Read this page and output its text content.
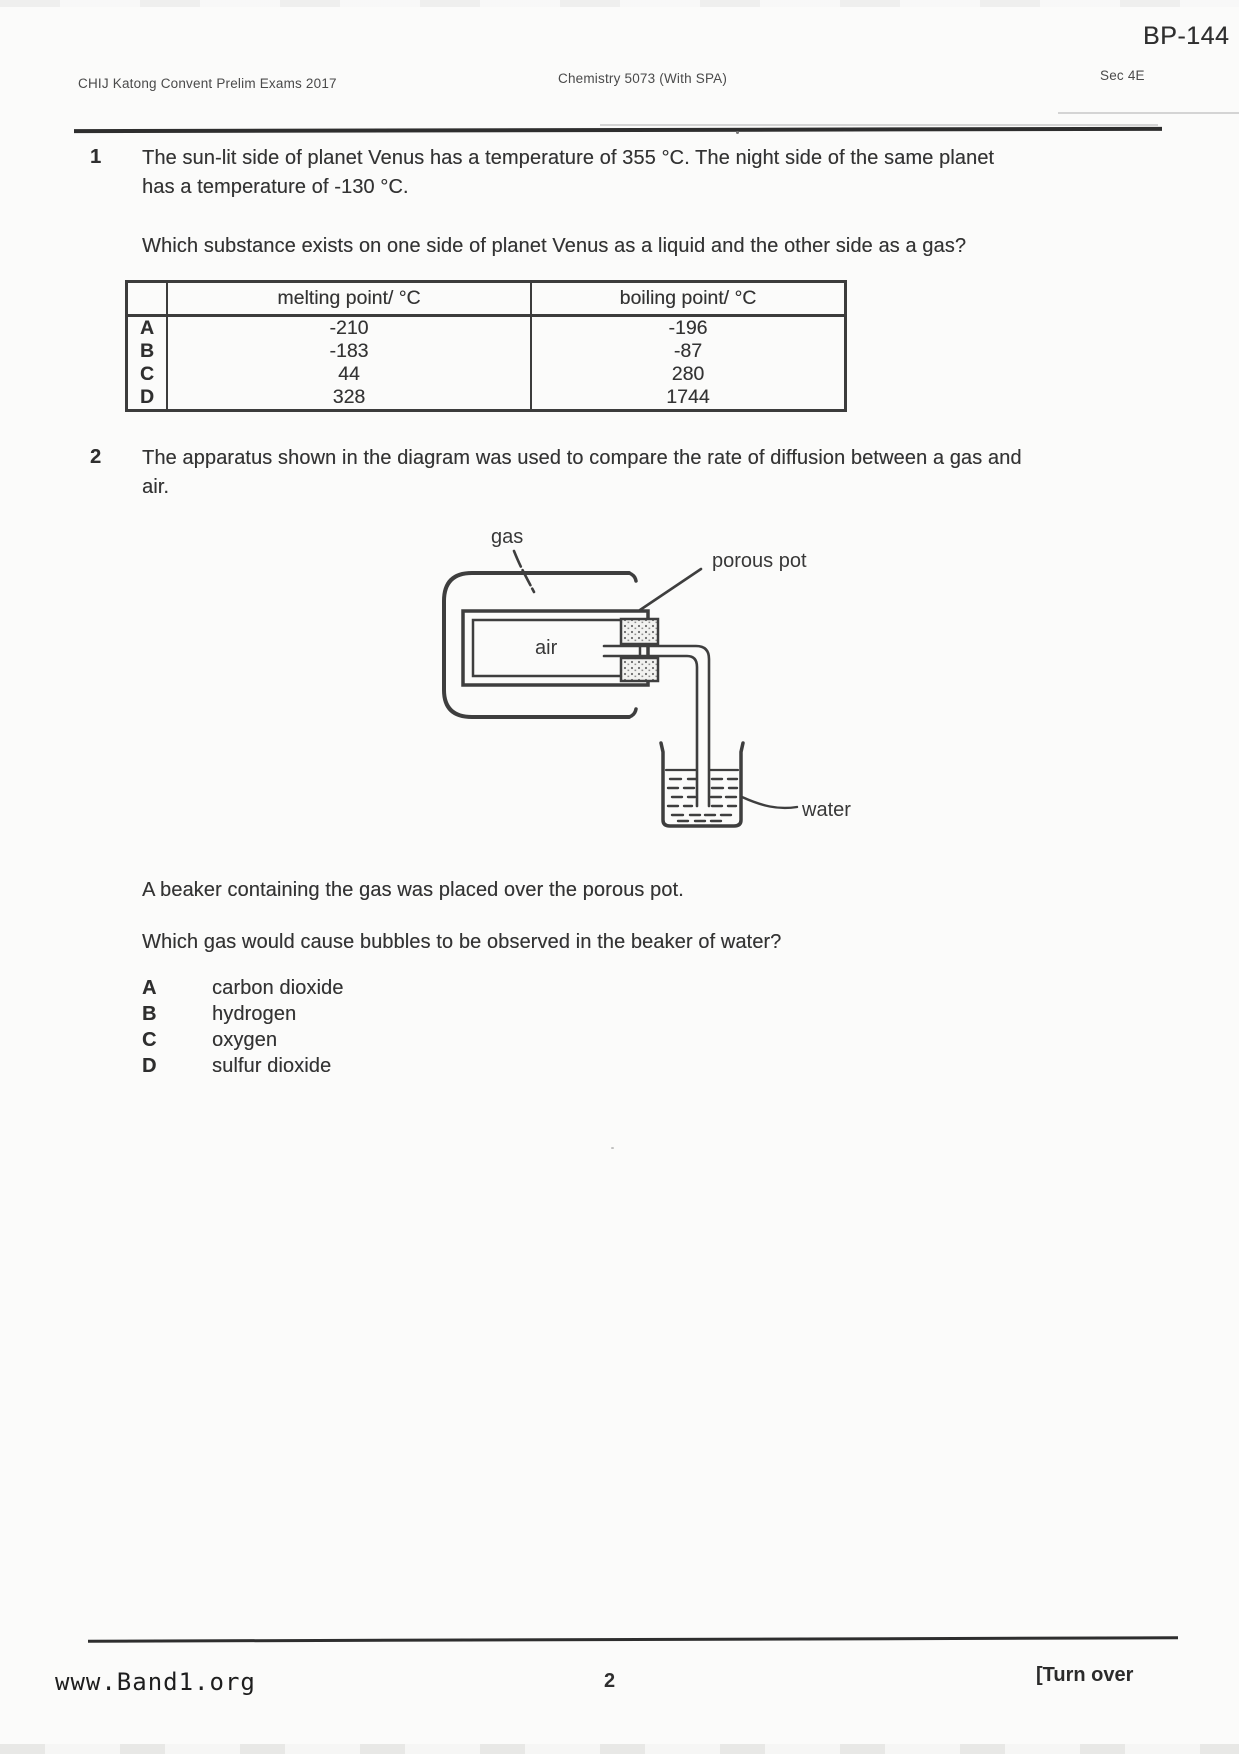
BP-144
CHIJ Katong Convent Prelim Exams 2017	Chemistry 5073 (With SPA)	Sec 4E
1 The sun-lit side of planet Venus has a temperature of 355 °C. The night side of the same planet
has a temperature of -130 °C.
Which substance exists on one side of planet Venus as a liquid and the other side as a gas?
	melting point/ °C	boiling point/ °C
A	-210	-196
B	-183	-87
C	44	280
D	328	1744
2 The apparatus shown in the diagram was used to compare the rate of diffusion between a gas and
air.
gas
air
porous pot
water
A beaker containing the gas was placed over the porous pot.
Which gas would cause bubbles to be observed in the beaker of water?
A	carbon dioxide
B	hydrogen
C	oxygen
D	sulfur dioxide
www.Band1.org	2	[Turn over
